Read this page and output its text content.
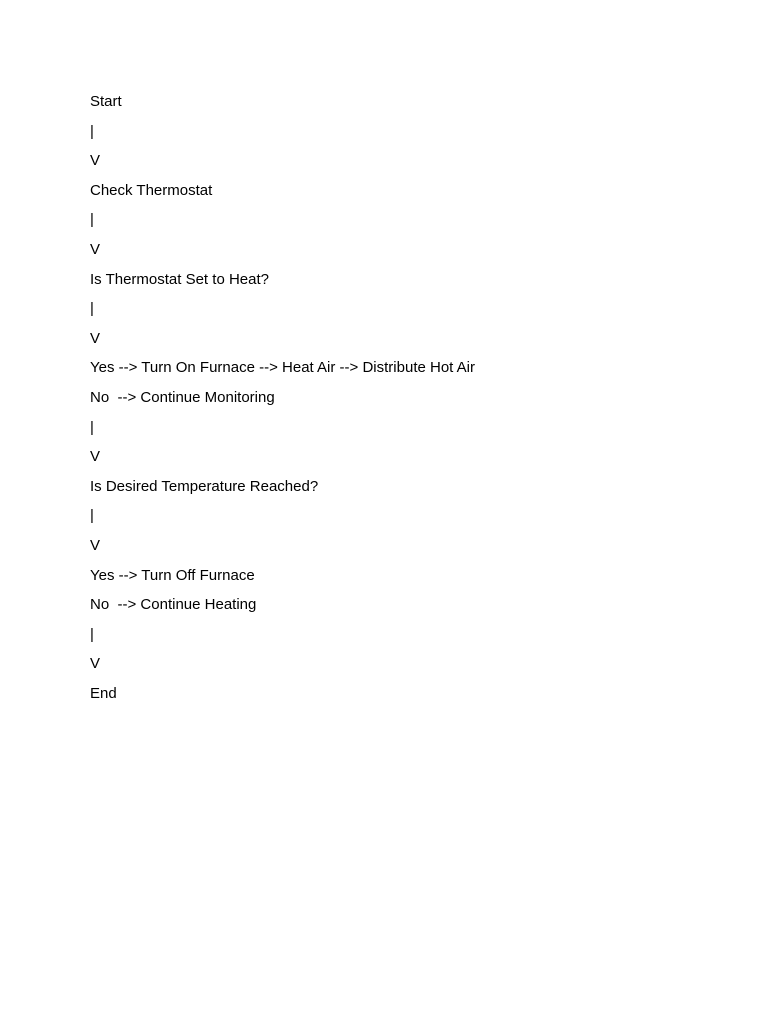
Start
|
V
Check Thermostat
|
V
Is Thermostat Set to Heat?
|
V
Yes --> Turn On Furnace --> Heat Air --> Distribute Hot Air
No  --> Continue Monitoring
|
V
Is Desired Temperature Reached?
|
V
Yes --> Turn Off Furnace
No  --> Continue Heating
|
V
End
